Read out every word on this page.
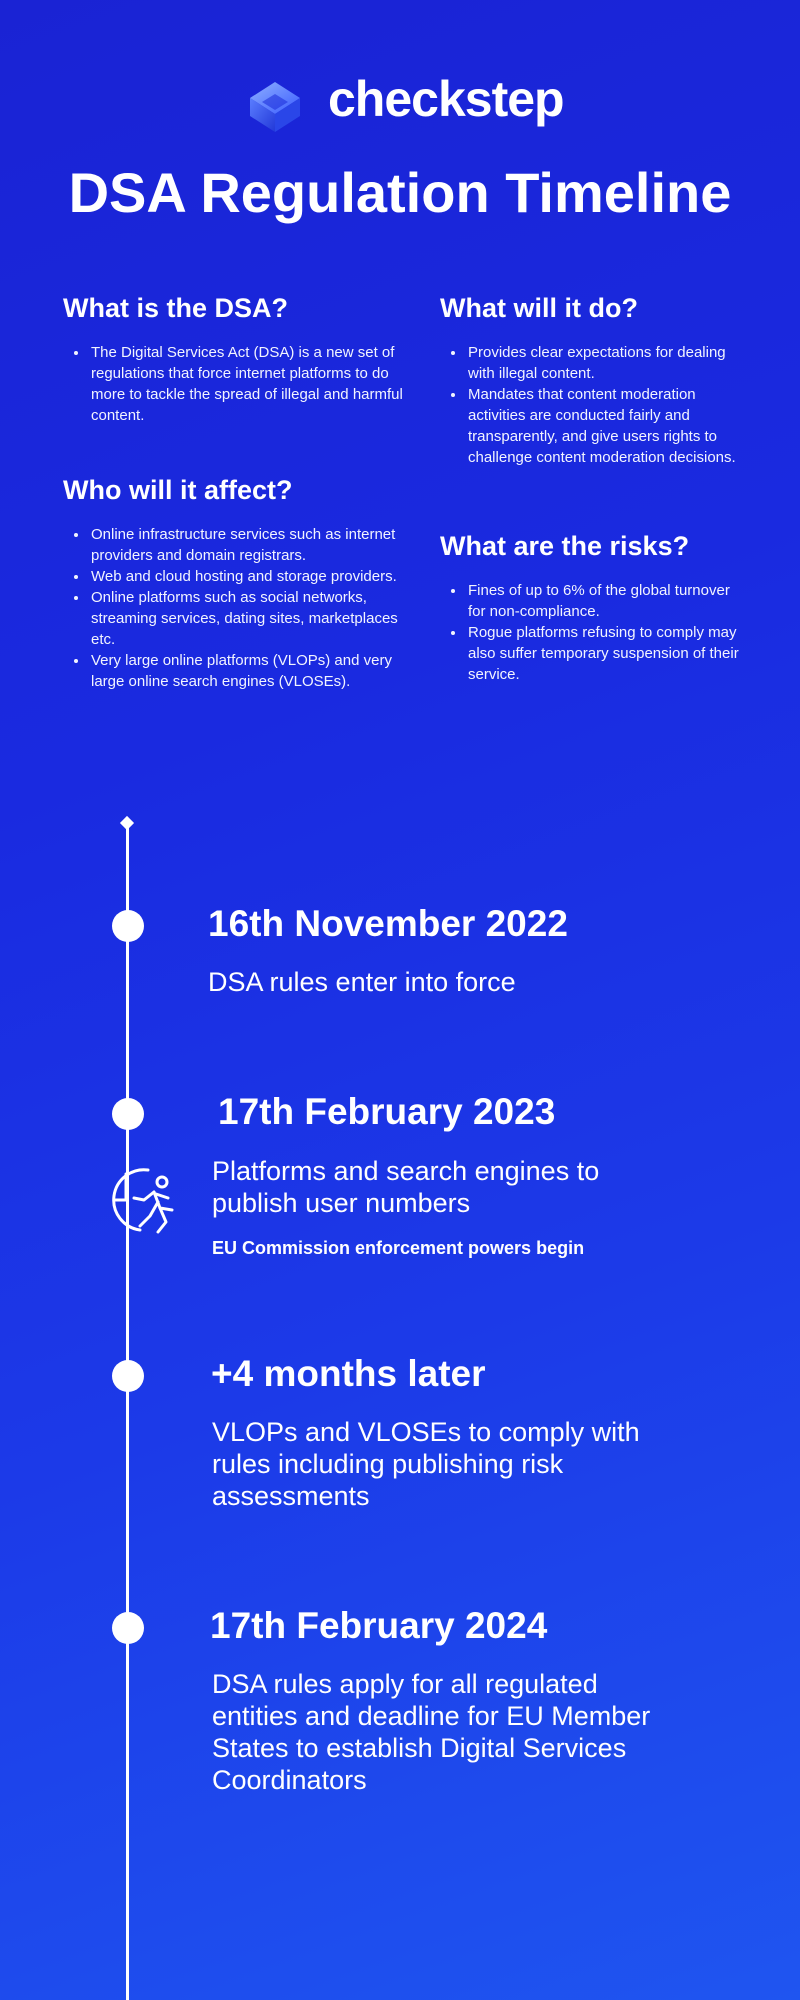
checkstep
DSA Regulation Timeline
What is the DSA?
• The Digital Services Act (DSA) is a new set of regulations that force internet platforms to do more to tackle the spread of illegal and harmful content.
Who will it affect?
• Online infrastructure services such as internet providers and domain registrars.
• Web and cloud hosting and storage providers.
• Online platforms such as social networks, streaming services, dating sites, marketplaces etc.
• Very large online platforms (VLOPs) and very large online search engines (VLOSEs).
What will it do?
• Provides clear expectations for dealing with illegal content.
• Mandates that content moderation activities are conducted fairly and transparently, and give users rights to challenge content moderation decisions.
What are the risks?
• Fines of up to 6% of the global turnover for non-compliance.
• Rogue platforms refusing to comply may also suffer temporary suspension of their service.
16th November 2022
DSA rules enter into force
17th February 2023
Platforms and search engines to publish user numbers
EU Commission enforcement powers begin
+4 months later
VLOPs and VLOSEs to comply with rules including publishing risk assessments
17th February 2024
DSA rules apply for all regulated entities and deadline for EU Member States to establish Digital Services Coordinators
